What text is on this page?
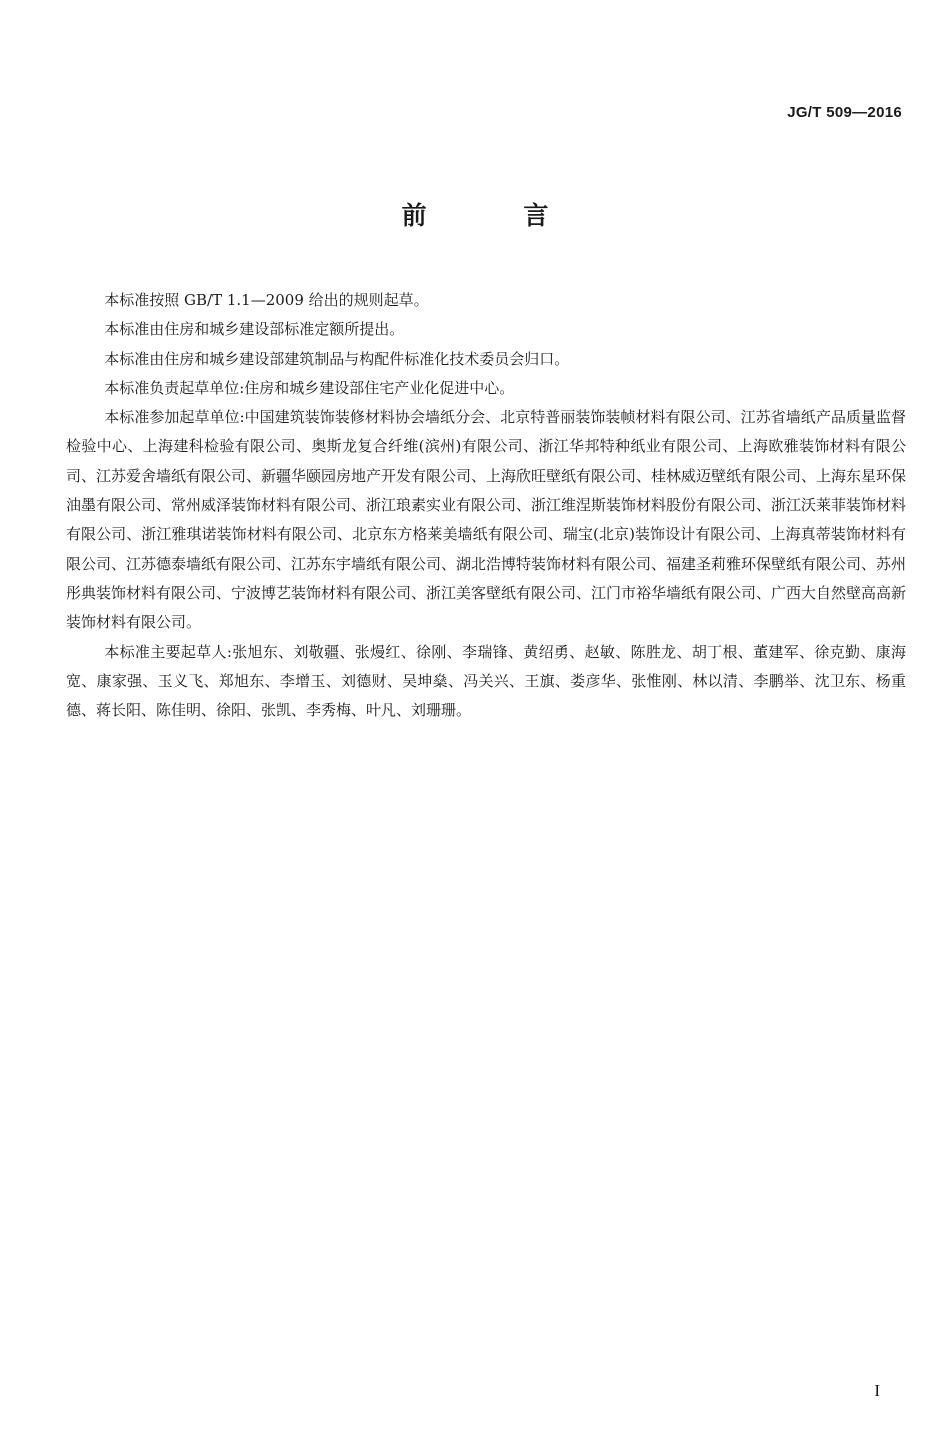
JG/T 509—2016
前 言

本标准按照 GB/T 1.1—2009 给出的规则起草。

本标准由住房和城乡建设部标准定额所提出。

本标准由住房和城乡建设部建筑制品与构配件标准化技术委员会归口。

本标准负责起草单位:住房和城乡建设部住宅产业化促进中心。

本标准参加起草单位:中国建筑装饰装修材料协会墙纸分会、北京特普丽装饰装帧材料有限公司、江苏省墙纸产品质量监督检验中心、上海建科检验有限公司、奥斯龙复合纤维(滨州)有限公司、浙江华邦特种纸业有限公司、上海欧雅装饰材料有限公司、江苏爱舍墙纸有限公司、新疆华颐园房地产开发有限公司、上海欣旺壁纸有限公司、桂林威迈壁纸有限公司、上海东星环保油墨有限公司、常州威泽装饰材料有限公司、浙江琅素实业有限公司、浙江维涅斯装饰材料股份有限公司、浙江沃莱菲装饰材料有限公司、浙江雅琪诺装饰材料有限公司、北京东方格莱美墙纸有限公司、瑞宝(北京)装饰设计有限公司、上海真蒂装饰材料有限公司、江苏德泰墙纸有限公司、江苏东宇墙纸有限公司、湖北浩博特装饰材料有限公司、福建圣莉雅环保壁纸有限公司、苏州彤典装饰材料有限公司、宁波博艺装饰材料有限公司、浙江美客壁纸有限公司、江门市裕华墙纸有限公司、广西大自然壁高高新装饰材料有限公司。

本标准主要起草人:张旭东、刘敬疆、张熳红、徐刚、李瑞锋、黄绍勇、赵敏、陈胜龙、胡丁根、董建军、徐克勤、康海宽、康家强、玉义飞、郑旭东、李增玉、刘德财、吴坤燊、冯关兴、王旗、娄彦华、张惟刚、林以清、李鹏举、沈卫东、杨重德、蒋长阳、陈佳明、徐阳、张凯、李秀梅、叶凡、刘珊珊。

I
